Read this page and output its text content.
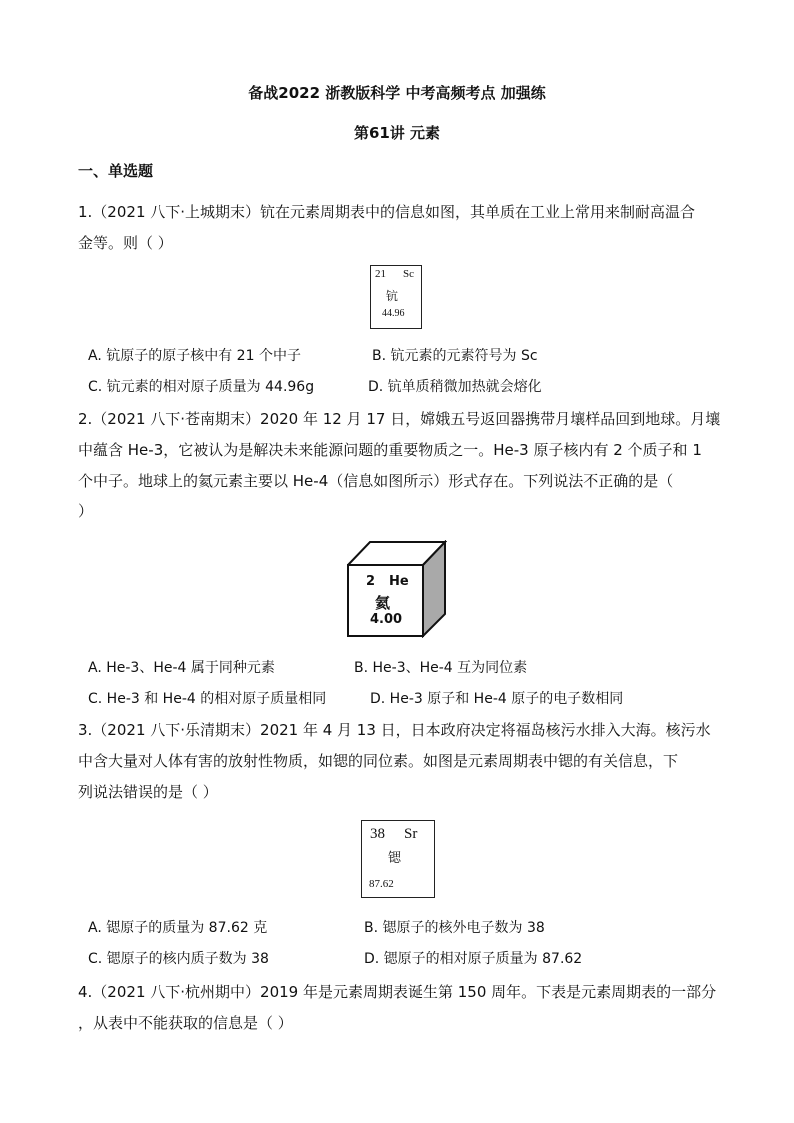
备战2022 浙教版科学 中考高频考点 加强练
第61讲 元素
一、单选题
1.（2021 八下·上城期末）钪在元素周期表中的信息如图，其单质在工业上常用来制耐高温合
金等。则（ ）
21 Sc
钪
44.96
A. 钪原子的原子核中有 21 个中子	B. 钪元素的元素符号为 Sc
C. 钪元素的相对原子质量为 44.96g	D. 钪单质稍微加热就会熔化
2.（2021 八下·苍南期末）2020 年 12 月 17 日，嫦娥五号返回器携带月壤样品回到地球。月壤
中蕴含 He-3，它被认为是解决未来能源问题的重要物质之一。He-3 原子核内有 2 个质子和 1
个中子。地球上的氦元素主要以 He-4（信息如图所示）形式存在。下列说法不正确的是（
）
2 He
氦
4.00
A. He-3、He-4 属于同种元素	B. He-3、He-4 互为同位素
C. He-3 和 He-4 的相对原子质量相同	D. He-3 原子和 He-4 原子的电子数相同
3.（2021 八下·乐清期末）2021 年 4 月 13 日，日本政府决定将福岛核污水排入大海。核污水
中含大量对人体有害的放射性物质，如锶的同位素。如图是元素周期表中锶的有关信息，下
列说法错误的是（ ）
38 Sr
锶
87.62
A. 锶原子的质量为 87.62 克	B. 锶原子的核外电子数为 38
C. 锶原子的核内质子数为 38	D. 锶原子的相对原子质量为 87.62
4.（2021 八下·杭州期中）2019 年是元素周期表诞生第 150 周年。下表是元素周期表的一部分
，从表中不能获取的信息是（ ）
